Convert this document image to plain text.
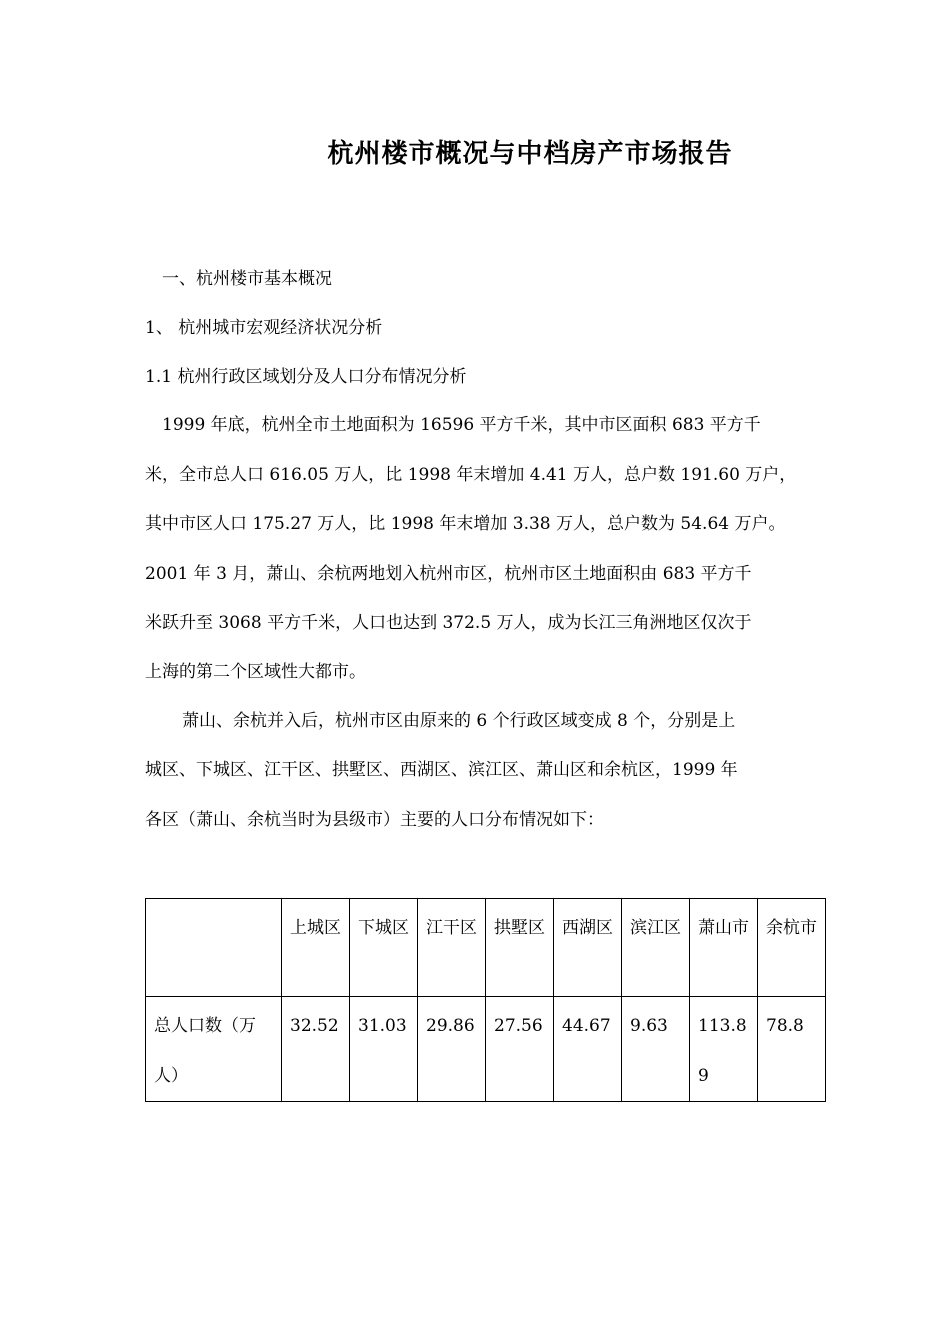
杭州楼市概况与中档房产市场报告
一、杭州楼市基本概况
1、 杭州城市宏观经济状况分析
1.1 杭州行政区域划分及人口分布情况分析
1999 年底，杭州全市土地面积为 16596 平方千米，其中市区面积 683 平方千
米，全市总人口 616.05 万人，比 1998 年末增加 4.41 万人，总户数 191.60 万户，
其中市区人口 175.27 万人，比 1998 年末增加 3.38 万人，总户数为 54.64 万户。
2001 年 3 月，萧山、余杭两地划入杭州市区，杭州市区土地面积由 683 平方千
米跃升至 3068 平方千米，人口也达到 372.5 万人，成为长江三角洲地区仅次于
上海的第二个区域性大都市。
萧山、余杭并入后，杭州市区由原来的 6 个行政区域变成 8 个，分别是上
城区、下城区、江干区、拱墅区、西湖区、滨江区、萧山区和余杭区，1999 年
各区（萧山、余杭当时为县级市）主要的人口分布情况如下：

	上城区	下城区	江干区	拱墅区	西湖区	滨江区	萧山市	余杭市

总人口数（万人）	32.52	31.03	29.86	27.56	44.67	9.63	113.89	78.8
